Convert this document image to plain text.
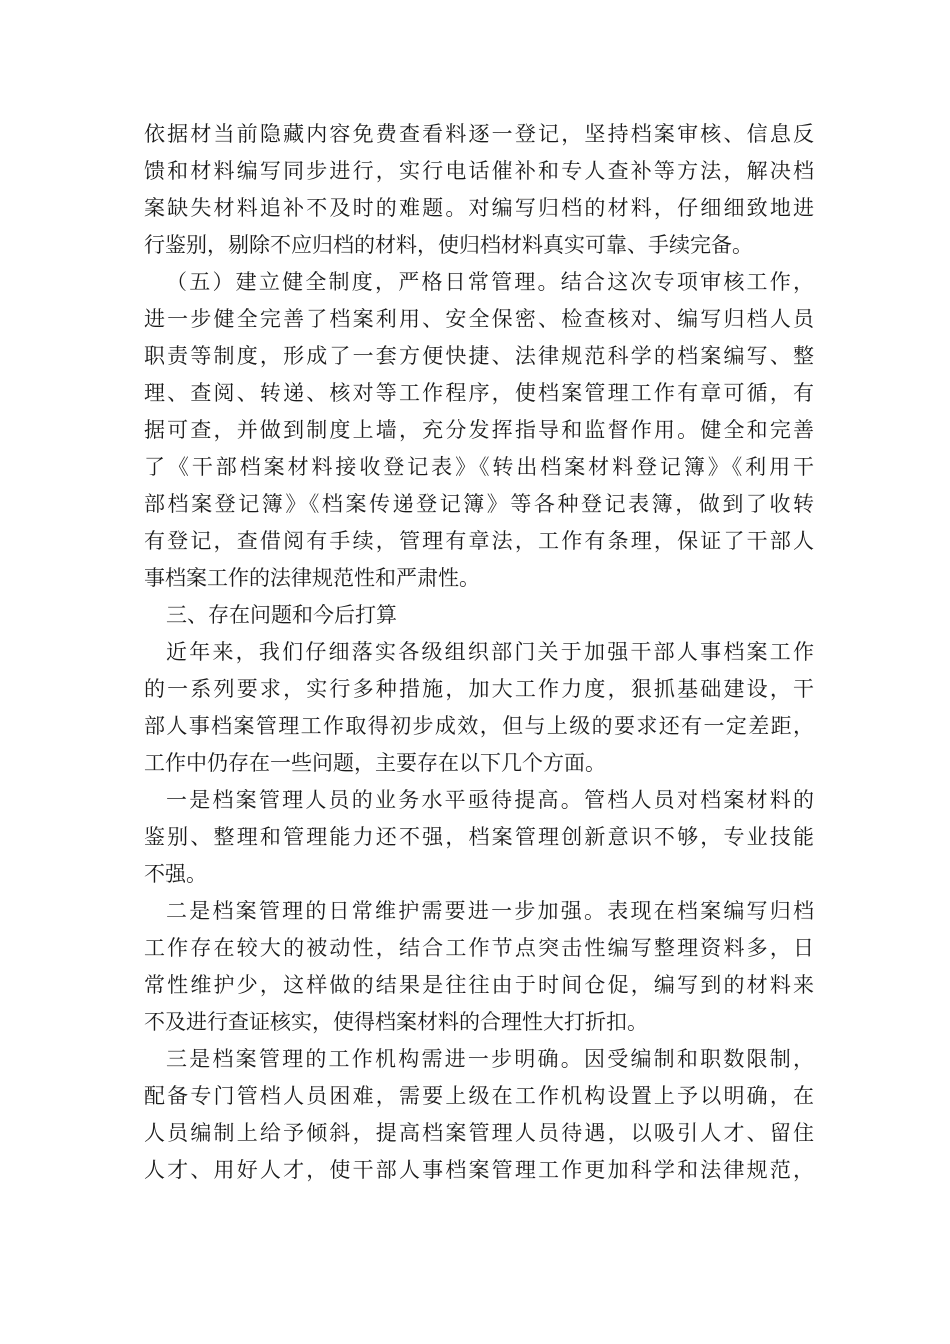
依据材当前隐藏内容免费查看料逐一登记，坚持档案审核、信息反
馈和材料编写同步进行，实行电话催补和专人查补等方法，解决档
案缺失材料追补不及时的难题。对编写归档的材料，仔细细致地进
行鉴别，剔除不应归档的材料，使归档材料真实可靠、手续完备。
（五）建立健全制度，严格日常管理。结合这次专项审核工作，
进一步健全完善了档案利用、安全保密、检查核对、编写归档人员
职责等制度，形成了一套方便快捷、法律规范科学的档案编写、整
理、查阅、转递、核对等工作程序，使档案管理工作有章可循，有
据可查，并做到制度上墙，充分发挥指导和监督作用。健全和完善
了《干部档案材料接收登记表》《转出档案材料登记簿》《利用干
部档案登记簿》《档案传递登记簿》等各种登记表簿，做到了收转
有登记，查借阅有手续，管理有章法，工作有条理，保证了干部人
事档案工作的法律规范性和严肃性。
三、存在问题和今后打算
近年来，我们仔细落实各级组织部门关于加强干部人事档案工作
的一系列要求，实行多种措施，加大工作力度，狠抓基础建设，干
部人事档案管理工作取得初步成效，但与上级的要求还有一定差距，
工作中仍存在一些问题，主要存在以下几个方面。
一是档案管理人员的业务水平亟待提高。管档人员对档案材料的
鉴别、整理和管理能力还不强，档案管理创新意识不够，专业技能
不强。
二是档案管理的日常维护需要进一步加强。表现在档案编写归档
工作存在较大的被动性，结合工作节点突击性编写整理资料多，日
常性维护少，这样做的结果是往往由于时间仓促，编写到的材料来
不及进行查证核实，使得档案材料的合理性大打折扣。
三是档案管理的工作机构需进一步明确。因受编制和职数限制，
配备专门管档人员困难，需要上级在工作机构设置上予以明确，在
人员编制上给予倾斜，提高档案管理人员待遇，以吸引人才、留住
人才、用好人才，使干部人事档案管理工作更加科学和法律规范，
